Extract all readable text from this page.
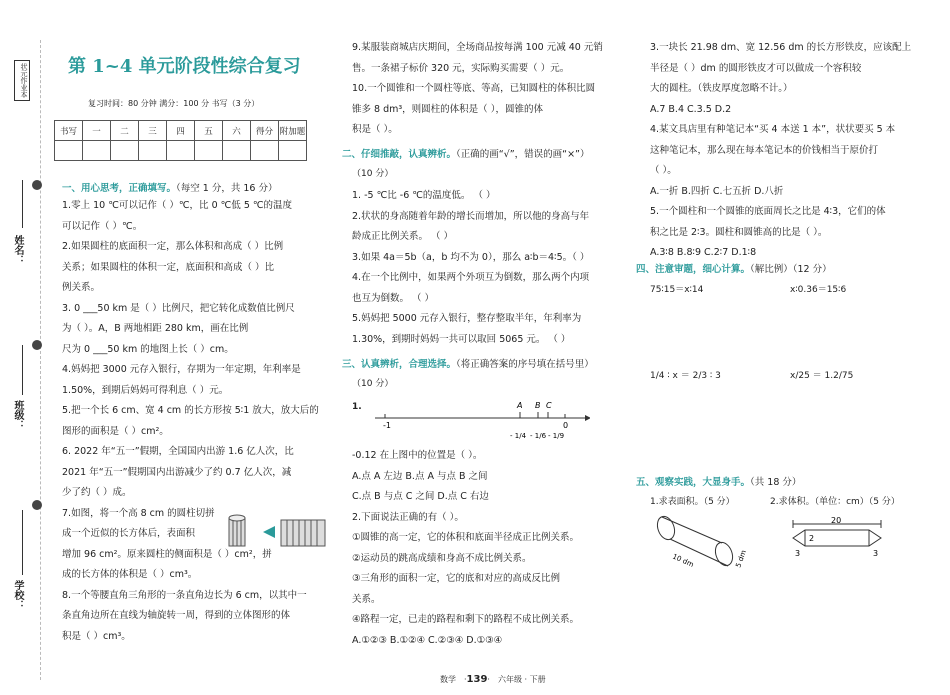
状元作业本
姓名：
班级：
学校：
第 1~4 单元阶段性综合复习
复习时间：80 分钟 满分：100 分 书写（3 分）
书写	一	二	三	四	五	六	得分	附加题

一、用心思考，正确填写。（每空 1 分，共 16 分）
1.零上 10 ℃可以记作（ ）℃，比 0 ℃低 5 ℃的温度
可以记作（ ）℃。
2.如果圆柱的底面积一定，那么体积和高成（ ）比例
关系；如果圆柱的体积一定，底面积和高成（ ）比
例关系。
3. 0 ___50 km 是（ ）比例尺，把它转化成数值比例尺
为（ ）。A，B 两地相距 280 km，画在比例
尺为 0 ___50 km 的地图上长（ ）cm。
4.妈妈把 3000 元存入银行，存期为一年定期，年利率是
1.50%，到期后妈妈可得利息（ ）元。
5.把一个长 6 cm、宽 4 cm 的长方形按 5∶1 放大，放大后的
图形的面积是（ ）cm²。
6. 2022 年“五一”假期，全国国内出游 1.6 亿人次，比
2021 年“五一”假期国内出游减少了约 0.7 亿人次，减
少了约（ ）成。
7.如图，将一个高 8 cm 的圆柱切拼
成一个近似的长方体后，表面积
增加 96 cm²。原来圆柱的侧面积是（ ）cm²，拼
成的长方体的体积是（ ）cm³。
8.一个等腰直角三角形的一条直角边长为 6 cm，以其中一
条直角边所在直线为轴旋转一周，得到的立体图形的体
积是（ ）cm³。
9.某服装商城店庆期间，全场商品按每满 100 元减 40 元销
售。一条裙子标价 320 元，实际购买需要（ ）元。
10.一个圆锥和一个圆柱等底、等高，已知圆柱的体积比圆
锥多 8 dm³，则圆柱的体积是（ ），圆锥的体
积是（ ）。
二、仔细推敲，认真辨析。（正确的画“√”，错误的画“×”）
（10 分）
1. -5 ℃比 -6 ℃的温度低。 （ ）
2.状状的身高随着年龄的增长而增加，所以他的身高与年
龄成正比例关系。 （ ）
3.如果 4a＝5b（a，b 均不为 0），那么 a∶b＝4∶5。（ ）
4.在一个比例中，如果两个外项互为倒数，那么两个内项
也互为倒数。 （ ）
5.妈妈把 5000 元存入银行，整存整取半年，年利率为
1.30%，到期时妈妈一共可以取回 5065 元。 （ ）
三、认真辨析，合理选择。（将正确答案的序号填在括号里）
（10 分）
1.
-1	0
A B C
- 1/4 - 1/6 - 1/9
-0.12 在上图中的位置是（ ）。
A.点 A 左边 B.点 A 与点 B 之间
C.点 B 与点 C 之间 D.点 C 右边
2.下面说法正确的有（ ）。
①圆锥的高一定，它的体积和底面半径成正比例关系。
②运动员的跳高成绩和身高不成比例关系。
③三角形的面积一定，它的底和对应的高成反比例
关系。
④路程一定，已走的路程和剩下的路程不成比例关系。
A.①②③ B.①②④ C.②③④ D.①③④
3.一块长 21.98 dm、宽 12.56 dm 的长方形铁皮，应该配上
半径是（ ）dm 的圆形铁皮才可以做成一个容积较
大的圆柱。（铁皮厚度忽略不计。）
A.7 B.4 C.3.5 D.2
4.某文具店里有种笔记本“买 4 本送 1 本”，状状要买 5 本
这种笔记本，那么现在每本笔记本的价钱相当于原价打
（ ）。
A.一折 B.四折 C.七五折 D.八折
5.一个圆柱和一个圆锥的底面周长之比是 4∶3，它们的体
积之比是 2∶3。圆柱和圆锥高的比是（ ）。
A.3∶8 B.8∶9 C.2∶7 D.1∶8
四、注意审题，细心计算。（解比例）（12 分）
75∶15＝x∶14	x∶0.36＝15∶6
1/4 ∶ x ＝ 2/3 ∶ 3	x/25 ＝ 1.2/75
五、观察实践，大显身手。（共 18 分）
1.求表面积。（5 分）	2.求体积。（单位：cm）（5 分）
10 dm	5 dm
20
2
3	3
数学　·139·　六年级 · 下册
